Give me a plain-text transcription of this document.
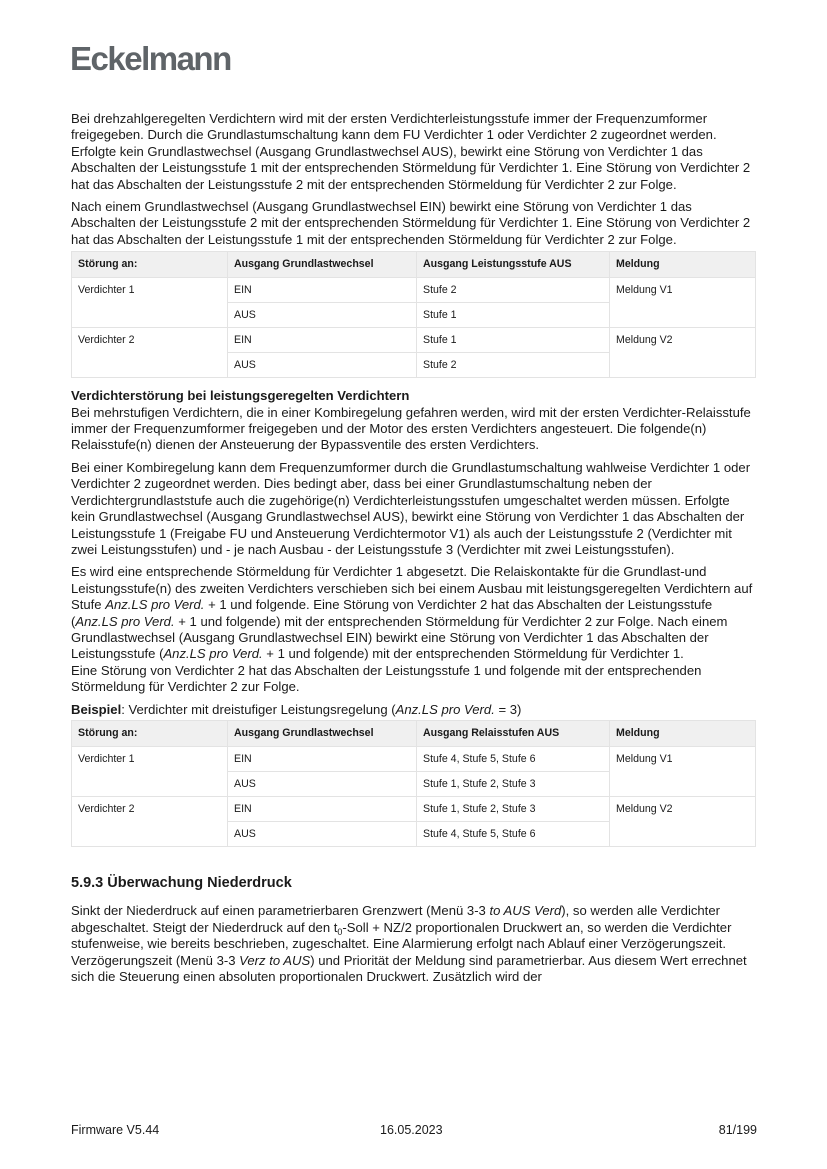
Eckelmann

Bei drehzahlgeregelten Verdichtern wird mit der ersten Verdichterleistungsstufe immer der Frequenzumformer freigegeben. Durch die Grundlastumschaltung kann dem FU Verdichter 1 oder Verdichter 2 zugeordnet werden. Erfolgte kein Grundlastwechsel (Ausgang Grundlastwechsel AUS), bewirkt eine Störung von Verdichter 1 das Abschalten der Leistungsstufe 1 mit der entsprechenden Störmeldung für Verdichter 1. Eine Störung von Verdichter 2 hat das Abschalten der Leistungsstufe 2 mit der entsprechenden Störmeldung für Verdichter 2 zur Folge.

Nach einem Grundlastwechsel (Ausgang Grundlastwechsel EIN) bewirkt eine Störung von Verdichter 1 das Abschalten der Leistungsstufe 2 mit der entsprechenden Störmeldung für Verdichter 1. Eine Störung von Verdichter 2 hat das Abschalten der Leistungsstufe 1 mit der entsprechenden Störmeldung für Verdichter 2 zur Folge.

Störung an:	Ausgang Grundlastwechsel	Ausgang Leistungsstufe AUS	Meldung
Verdichter 1	EIN	Stufe 2	Meldung V1
	AUS	Stufe 1	
Verdichter 2	EIN	Stufe 1	Meldung V2
	AUS	Stufe 2	
Verdichterstörung bei leistungsgeregelten Verdichtern

Bei mehrstufigen Verdichtern, die in einer Kombiregelung gefahren werden, wird mit der ersten Verdichter-Relaisstufe immer der Frequenzumformer freigegeben und der Motor des ersten Verdichters angesteuert. Die folgende(n) Relaisstufe(n) dienen der Ansteuerung der Bypassventile des ersten Verdichters.

Bei einer Kombiregelung kann dem Frequenzumformer durch die Grundlastumschaltung wahlweise Verdichter 1 oder Verdichter 2 zugeordnet werden. Dies bedingt aber, dass bei einer Grundlastumschaltung neben der Verdichtergrundlaststufe auch die zugehörige(n) Verdichterleistungsstufen umgeschaltet werden müssen. Erfolgte kein Grundlastwechsel (Ausgang Grundlastwechsel AUS), bewirkt eine Störung von Verdichter 1 das Abschalten der Leistungsstufe 1 (Freigabe FU und Ansteuerung Verdichtermotor V1) als auch der Leistungsstufe 2 (Verdichter mit zwei Leistungsstufen) und - je nach Ausbau - der Leistungsstufe 3 (Verdichter mit zwei Leistungsstufen).

Es wird eine entsprechende Störmeldung für Verdichter 1 abgesetzt. Die Relaiskontakte für die Grundlast-und Leistungsstufe(n) des zweiten Verdichters verschieben sich bei einem Ausbau mit leistungsgeregelten Verdichtern auf Stufe Anz.LS pro Verd. + 1 und folgende. Eine Störung von Verdichter 2 hat das Abschalten der Leistungsstufe (Anz.LS pro Verd. + 1 und folgende) mit der entsprechenden Störmeldung für Verdichter 2 zur Folge. Nach einem Grundlastwechsel (Ausgang Grundlastwechsel EIN) bewirkt eine Störung von Verdichter 1 das Abschalten der Leistungsstufe (Anz.LS pro Verd. + 1 und folgende) mit der entsprechenden Störmeldung für Verdichter 1.

Eine Störung von Verdichter 2 hat das Abschalten der Leistungsstufe 1 und folgende mit der entsprechenden Störmeldung für Verdichter 2 zur Folge.

Beispiel: Verdichter mit dreistufiger Leistungsregelung (Anz.LS pro Verd. = 3)

Störung an:	Ausgang Grundlastwechsel	Ausgang Relaisstufen AUS	Meldung
Verdichter 1	EIN	Stufe 4, Stufe 5, Stufe 6	Meldung V1
	AUS	Stufe 1, Stufe 2, Stufe 3	
Verdichter 2	EIN	Stufe 1, Stufe 2, Stufe 3	Meldung V2
	AUS	Stufe 4, Stufe 5, Stufe 6	
5.9.3 Überwachung Niederdruck

Sinkt der Niederdruck auf einen parametrierbaren Grenzwert (Menü 3-3 to AUS Verd), so werden alle Verdichter abgeschaltet. Steigt der Niederdruck auf den $t_0$-Soll + NZ/2 proportionalen Druckwert an, so werden die Verdichter stufenweise, wie bereits beschrieben, zugeschaltet. Eine Alarmierung erfolgt nach Ablauf einer Verzögerungszeit. Verzögerungszeit (Menü 3-3 Verz to AUS) und Priorität der Meldung sind parametrierbar. Aus diesem Wert errechnet sich die Steuerung einen absoluten proportionalen Druckwert. Zusätzlich wird der

Firmware V5.44	16.05.2023	81/199
